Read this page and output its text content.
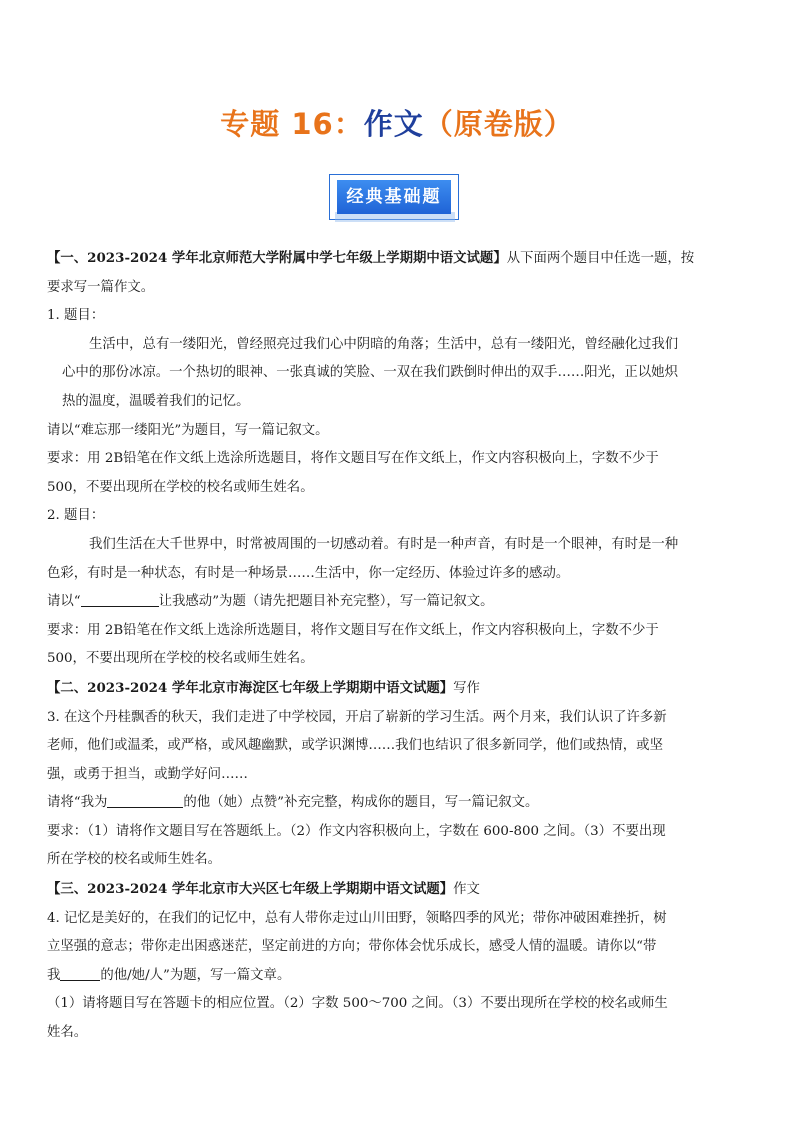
专题 16：作文（原卷版）
经典基础题

【一、2023-2024 学年北京师范大学附属中学七年级上学期期中语文试题】从下面两个题目中任选一题，按

要求写一篇作文。

1. 题目：

生活中，总有一缕阳光，曾经照亮过我们心中阴暗的角落；生活中，总有一缕阳光，曾经融化过我们

心中的那份冰凉。一个热切的眼神、一张真诚的笑脸、一双在我们跌倒时伸出的双手……阳光，正以她炽

热的温度，温暖着我们的记忆。

请以“难忘那一缕阳光”为题目，写一篇记叙文。

要求：用 2B铅笔在作文纸上选涂所选题目，将作文题目写在作文纸上，作文内容积极向上，字数不少于

500，不要出现所在学校的校名或师生姓名。

2. 题目：

我们生活在大千世界中，时常被周围的一切感动着。有时是一种声音，有时是一个眼神，有时是一种

色彩，有时是一种状态，有时是一种场景……生活中，你一定经历、体验过许多的感动。

请以“	让我感动”为题（请先把题目补充完整），写一篇记叙文。

要求：用 2B铅笔在作文纸上选涂所选题目，将作文题目写在作文纸上，作文内容积极向上，字数不少于

500，不要出现所在学校的校名或师生姓名。

【二、2023-2024 学年北京市海淀区七年级上学期期中语文试题】写作

3. 在这个丹桂飘香的秋天，我们走进了中学校园，开启了崭新的学习生活。两个月来，我们认识了许多新

老师，他们或温柔，或严格，或风趣幽默，或学识渊博……我们也结识了很多新同学，他们或热情，或坚

强，或勇于担当，或勤学好问……

请将“我为	的他（她）点赞”补充完整，构成你的题目，写一篇记叙文。

要求：（1）请将作文题目写在答题纸上。（2）作文内容积极向上，字数在 600-800 之间。（3）不要出现

所在学校的校名或师生姓名。

【三、2023-2024 学年北京市大兴区七年级上学期期中语文试题】作文

4. 记忆是美好的，在我们的记忆中，总有人带你走过山川田野，领略四季的风光；带你冲破困难挫折，树

立坚强的意志；带你走出困惑迷茫，坚定前进的方向；带你体会忧乐成长，感受人情的温暖。请你以“带

我	的他/她/人”为题，写一篇文章。

（1）请将题目写在答题卡的相应位置。（2）字数 500～700 之间。（3）不要出现所在学校的校名或师生

姓名。
